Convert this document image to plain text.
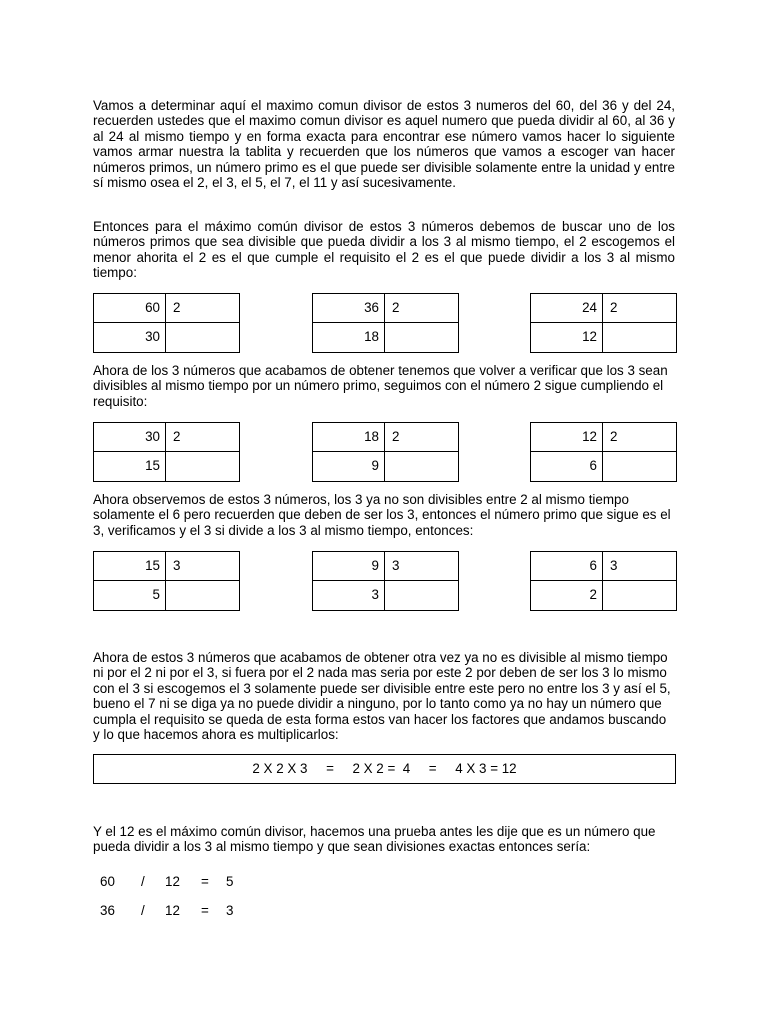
Vamos a determinar aquí el maximo comun divisor de estos 3 numeros del 60, del 36 y del 24, recuerden ustedes que el maximo comun divisor es aquel numero que pueda dividir al 60, al 36 y al 24 al mismo tiempo y en forma exacta para encontrar ese número vamos hacer lo siguiente vamos armar nuestra la tablita y recuerden que los números que vamos a escoger van hacer números primos, un número primo es el que puede ser divisible solamente entre la unidad y entre sí mismo osea el 2, el 3, el 5, el 7, el 11 y así sucesivamente.

Entonces para el máximo común divisor de estos 3 números debemos de buscar uno de los números primos que sea divisible que pueda dividir a los 3 al mismo tiempo, el 2 escogemos el menor ahorita el 2 es el que cumple el requisito el 2 es el que puede dividir a los 3 al mismo tiempo:

60 2
30
36 2
18
24 2
12

Ahora de los 3 números que acabamos de obtener tenemos que volver a verificar que los 3 sean divisibles al mismo tiempo por un número primo, seguimos con el número 2 sigue cumpliendo el requisito:

30 2
15
18 2
9
12 2
6

Ahora observemos de estos 3 números, los 3 ya no son divisibles entre 2 al mismo tiempo solamente el 6 pero recuerden que deben de ser los 3, entonces el número primo que sigue es el 3, verificamos y el 3 si divide a los 3 al mismo tiempo, entonces:

15 3
5
9 3
3
6 3
2

Ahora de estos 3 números que acabamos de obtener otra vez ya no es divisible al mismo tiempo ni por el 2 ni por el 3, si fuera por el 2 nada mas seria por este 2 por deben de ser los 3 lo mismo con el 3 si escogemos el 3 solamente puede ser divisible entre este pero no entre los 3 y así el 5, bueno el 7 ni se diga ya no puede dividir a ninguno, por lo tanto como ya no hay un número que cumpla el requisito se queda de esta forma estos van hacer los factores que andamos buscando y lo que hacemos ahora es multiplicarlos:

2 X 2 X 3     =     2 X 2 =  4     =     4 X 3 = 12

Y el 12 es el máximo común divisor, hacemos una prueba antes les dije que es un número que pueda dividir a los 3 al mismo tiempo y que sean divisiones exactas entonces sería:

60 / 12 = 5
36 / 12 = 3
